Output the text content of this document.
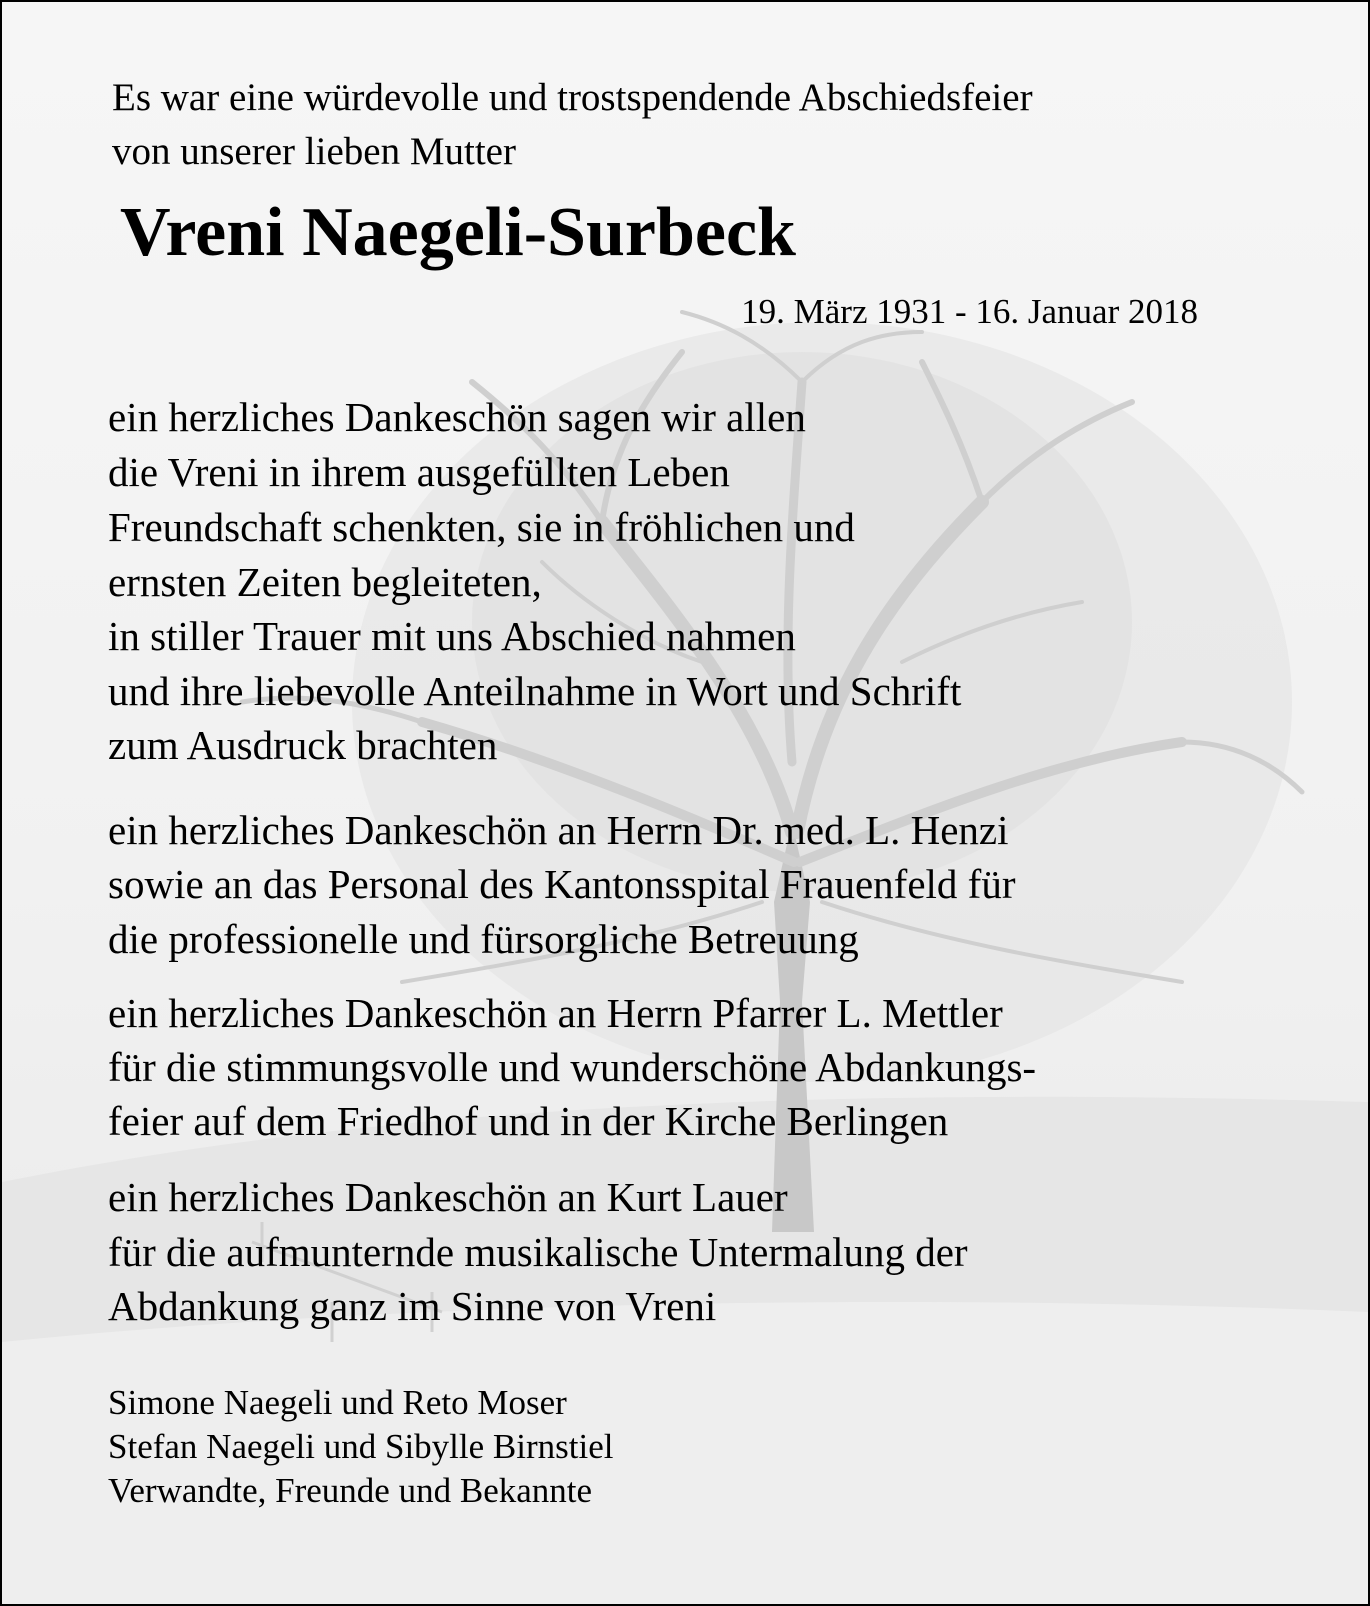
Es war eine würdevolle und trostspendende Abschiedsfeier
von unserer lieben Mutter
Vreni Naegeli-Surbeck
19. März 1931 - 16. Januar 2018
ein herzliches Dankeschön sagen wir allen
die Vreni in ihrem ausgefüllten Leben
Freundschaft schenkten, sie in fröhlichen und
ernsten Zeiten begleiteten,
in stiller Trauer mit uns Abschied nahmen
und ihre liebevolle Anteilnahme in Wort und Schrift
zum Ausdruck brachten
ein herzliches Dankeschön an Herrn Dr. med. L. Henzi
sowie an das Personal des Kantonsspital Frauenfeld für
die professionelle und fürsorgliche Betreuung
ein herzliches Dankeschön an Herrn Pfarrer L. Mettler
für die stimmungsvolle und wunderschöne Abdankungs-
feier auf dem Friedhof und in der Kirche Berlingen
ein herzliches Dankeschön an Kurt Lauer
für die aufmunternde musikalische Untermalung der
Abdankung ganz im Sinne von Vreni
Simone Naegeli und Reto Moser
Stefan Naegeli und Sibylle Birnstiel
Verwandte, Freunde und Bekannte
